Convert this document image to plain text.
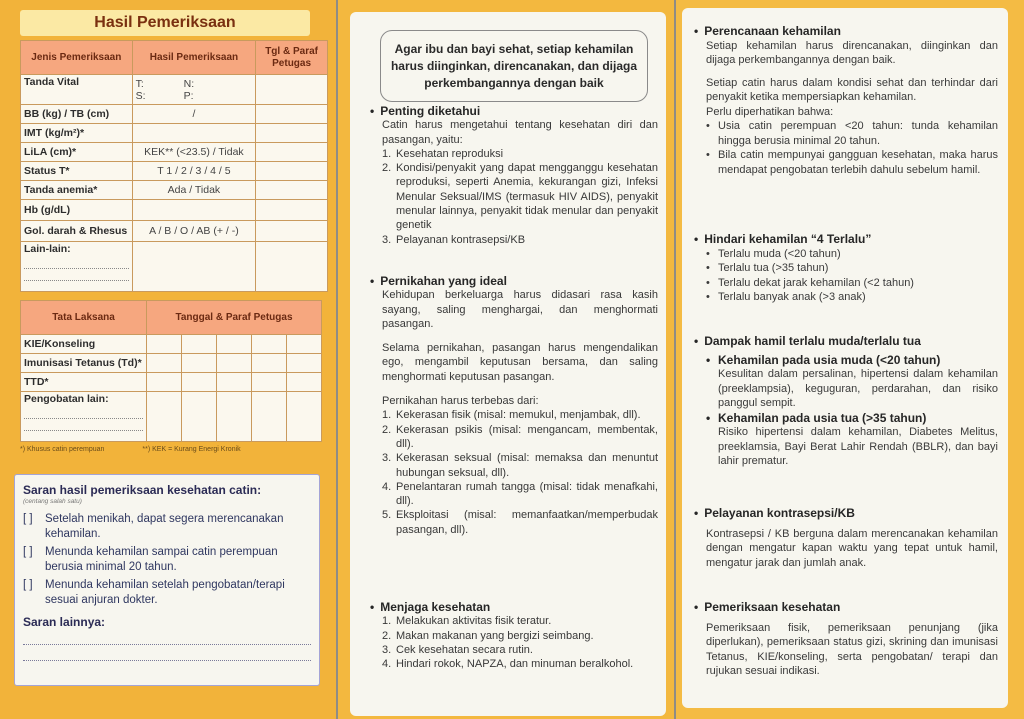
Hasil Pemeriksaan
Jenis Pemeriksaan	Hasil Pemeriksaan	Tgl & Paraf Petugas
Tanda Vital	T: N:
S: P:	

BB (kg) / TB (cm)	/	
IMT (kg/m²)*		
LiLA (cm)*	KEK** (<23.5) / Tidak	
Status T*	T 1 / 2 / 3 / 4 / 5	
Tanda anemia*	Ada / Tidak	
Hb (g/dL)		
Gol. darah & Rhesus	A / B / O / AB (+ / -)	

Lain-lain:		

Tata Laksana	Tanggal & Paraf Petugas				
KIE/Konseling					
Imunisasi Tetanus (Td)*					
TTD*					

Pengobatan lain:					

*) Khusus catin perempuan	**) KEK = Kurang Energi Kronik
Saran hasil pemeriksaan kesehatan catin:
(centang salah satu)
[ ]	Setelah menikah, dapat segera merencanakan kehamilan.
[ ]	Menunda kehamilan sampai catin perempuan berusia minimal 20 tahun.
[ ]	Menunda kehamilan setelah pengobatan/terapi sesuai anjuran dokter.
Saran lainnya:
Agar ibu dan bayi sehat, setiap kehamilan harus diinginkan, direncanakan, dan dijaga perkembangannya dengan baik
• Penting diketahui
Catin harus mengetahui tentang kesehatan diri dan pasangan, yaitu:
1. Kesehatan reproduksi
2. Kondisi/penyakit yang dapat mengganggu kesehatan reproduksi, seperti Anemia, kekurangan gizi, Infeksi Menular Seksual/IMS (termasuk HIV AIDS), penyakit menular lainnya, penyakit tidak menular dan penyakit genetik
3. Pelayanan kontrasepsi/KB
• Pernikahan yang ideal
Kehidupan berkeluarga harus didasari rasa kasih sayang, saling menghargai, dan menghormati pasangan.
Selama pernikahan, pasangan harus mengendalikan ego, mengambil keputusan bersama, dan saling menghormati keputusan pasangan.
Pernikahan harus terbebas dari:
1. Kekerasan fisik (misal: memukul, menjambak, dll).
2. Kekerasan psikis (misal: mengancam, membentak, dll).
3. Kekerasan seksual (misal: memaksa dan menuntut hubungan seksual, dll).
4. Penelantaran rumah tangga (misal: tidak menafkahi, dll).
5. Eksploitasi (misal: memanfaatkan/memperbudak pasangan, dll).
• Menjaga kesehatan
1. Melakukan aktivitas fisik teratur.
2. Makan makanan yang bergizi seimbang.
3. Cek kesehatan secara rutin.
4. Hindari rokok, NAPZA, dan minuman beralkohol.
• Perencanaan kehamilan
Setiap kehamilan harus direncanakan, diinginkan dan dijaga perkembangannya dengan baik.
Setiap catin harus dalam kondisi sehat dan terhindar dari penyakit ketika mempersiapkan kehamilan.
Perlu diperhatikan bahwa:
• Usia catin perempuan <20 tahun: tunda kehamilan hingga berusia minimal 20 tahun.
• Bila catin mempunyai gangguan kesehatan, maka harus mendapat pengobatan terlebih dahulu sebelum hamil.
• Hindari kehamilan “4 Terlalu”
• Terlalu muda (<20 tahun)
• Terlalu tua (>35 tahun)
• Terlalu dekat jarak kehamilan (<2 tahun)
• Terlalu banyak anak (>3 anak)
• Dampak hamil terlalu muda/terlalu tua
• Kehamilan pada usia muda (<20 tahun)
Kesulitan dalam persalinan, hipertensi dalam kehamilan (preeklampsia), keguguran, perdarahan, dan risiko panggul sempit.
• Kehamilan pada usia tua (>35 tahun)
Risiko hipertensi dalam kehamilan, Diabetes Melitus, preeklamsia, Bayi Berat Lahir Rendah (BBLR), dan bayi lahir prematur.
• Pelayanan kontrasepsi/KB
Kontrasepsi / KB berguna dalam merencanakan kehamilan dengan mengatur kapan waktu yang tepat untuk hamil, mengatur jarak dan jumlah anak.
• Pemeriksaan kesehatan
Pemeriksaan fisik, pemeriksaan penunjang (jika diperlukan), pemeriksaan status gizi, skrining dan imunisasi Tetanus, KIE/konseling, serta pengobatan/ terapi dan rujukan sesuai indikasi.
